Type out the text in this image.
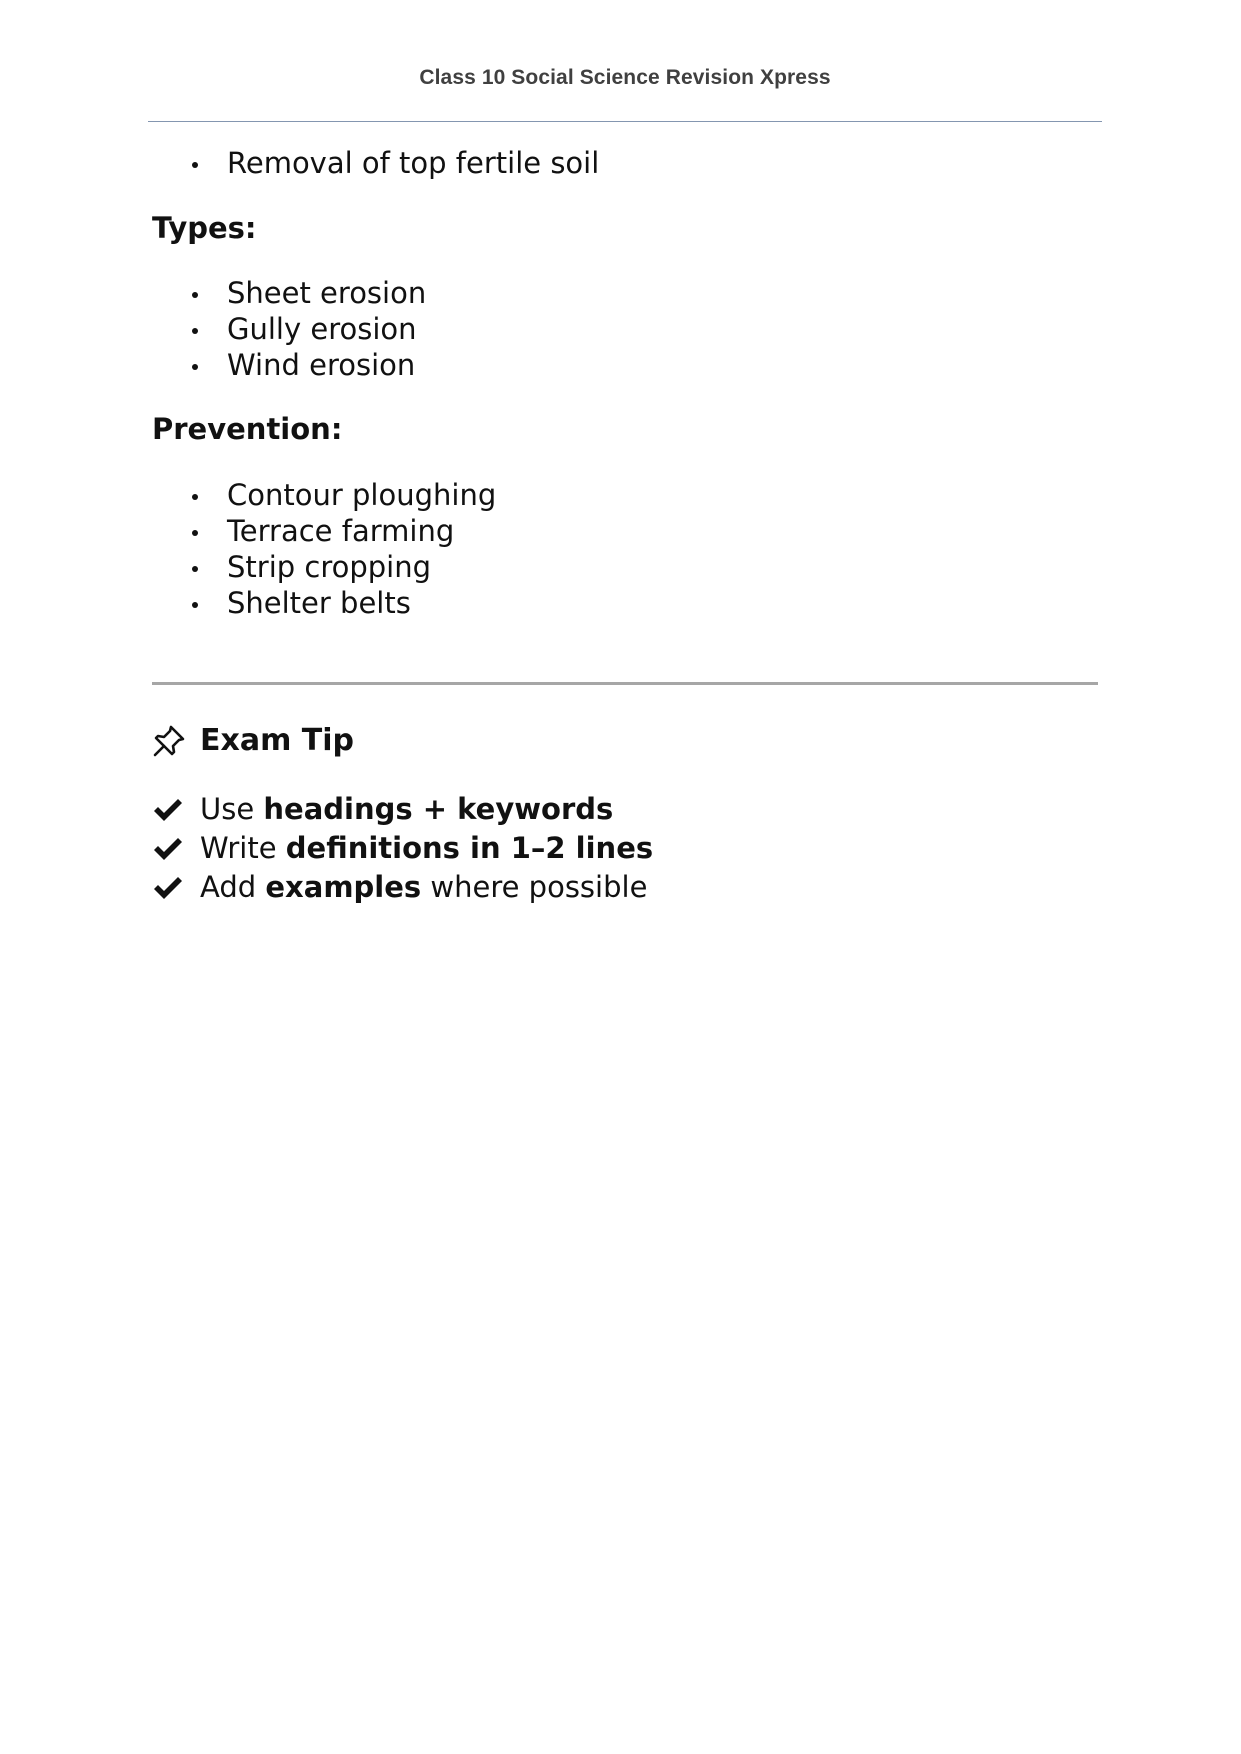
Class 10 Social Science Revision Xpress
Removal of top fertile soil
Types:
Sheet erosion
Gully erosion
Wind erosion
Prevention:
Contour ploughing
Terrace farming
Strip cropping
Shelter belts
Exam Tip
Use headings + keywords
Write definitions in 1–2 lines
Add examples where possible
